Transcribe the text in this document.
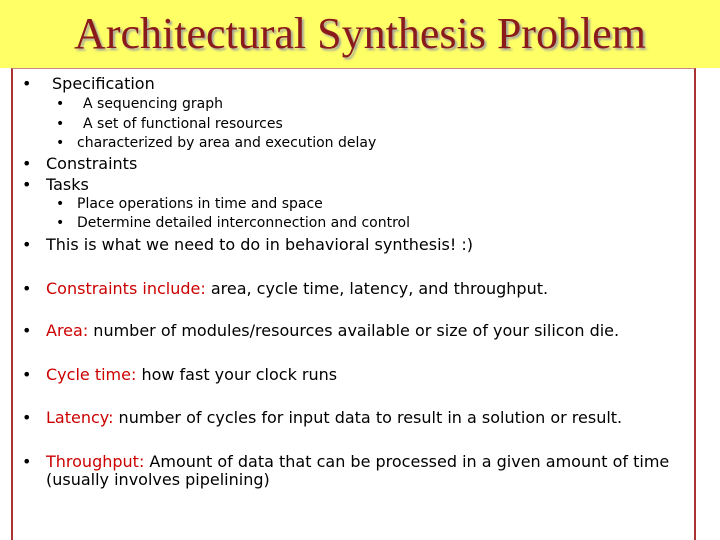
Architectural Synthesis Problem
• Specification
• A sequencing graph
• A set of functional resources
• characterized by area and execution delay
• Constraints
• Tasks
• Place operations in time and space
• Determine detailed interconnection and control
• This is what we need to do in behavioral synthesis! :)
• Constraints include: area, cycle time, latency, and throughput.
• Area: number of modules/resources available or size of your silicon die.
• Cycle time: how fast your clock runs
• Latency: number of cycles for input data to result in a solution or result.
• Throughput: Amount of data that can be processed in a given amount of time
(usually involves pipelining)
